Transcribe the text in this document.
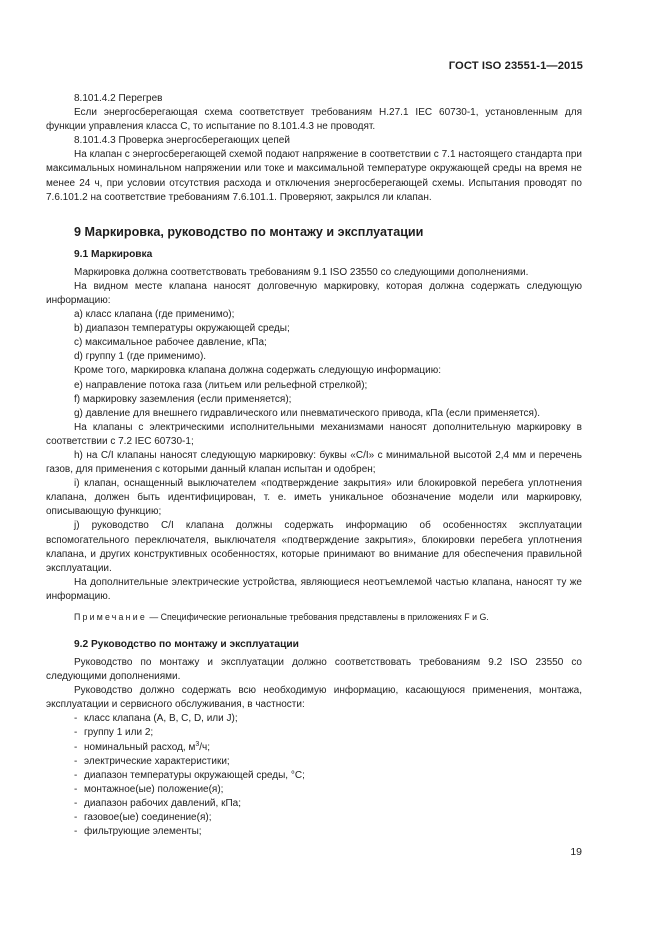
ГОСТ ISO 23551-1—2015

8.101.4.2 Перегрев

Если энергосберегающая схема соответствует требованиям H.27.1 IEC 60730-1, установленным для функции управления класса С, то испытание по 8.101.4.3 не проводят.

8.101.4.3 Проверка энергосберегающих цепей

На клапан с энергосберегающей схемой подают напряжение в соответствии с 7.1 настоящего стандарта при максимальных номинальном напряжении или токе и максимальной температуре окружающей среды на время не менее 24 ч, при условии отсутствия расхода и отключения энергосберегающей схемы. Испытания проводят по 7.6.101.2 на соответствие требованиям 7.6.101.1. Проверяют, закрылся ли клапан.

9 Маркировка, руководство по монтажу и эксплуатации
9.1 Маркировка

Маркировка должна соответствовать требованиям 9.1 ISO 23550 со следующими дополнениями.

На видном месте клапана наносят долговечную маркировку, которая должна содержать следующую информацию:

a) класс клапана (где применимо);

b) диапазон температуры окружающей среды;

c) максимальное рабочее давление, кПа;

d) группу 1 (где применимо).

Кроме того, маркировка клапана должна содержать следующую информацию:

e) направление потока газа (литьем или рельефной стрелкой);

f) маркировку заземления (если применяется);

g) давление для внешнего гидравлического или пневматического привода, кПа (если применяется).

На клапаны с электрическими исполнительными механизмами наносят дополнительную маркировку в соответствии с 7.2 IEC 60730-1;

h) на C/I клапаны наносят следующую маркировку: буквы «C/I» с минимальной высотой 2,4 мм и перечень газов, для применения с которыми данный клапан испытан и одобрен;

i) клапан, оснащенный выключателем «подтверждение закрытия» или блокировкой перебега уплотнения клапана, должен быть идентифицирован, т. е. иметь уникальное обозначение модели или маркировку, описывающую функцию;

j) руководство C/I клапана должны содержать информацию об особенностях эксплуатации вспомогательного переключателя, выключателя «подтверждение закрытия», блокировки перебега уплотнения клапана, и других конструктивных особенностях, которые принимают во внимание для обеспечения правильной эксплуатации.

На дополнительные электрические устройства, являющиеся неотъемлемой частью клапана, наносят ту же информацию.

Примечание — Специфические региональные требования представлены в приложениях F и G.

9.2 Руководство по монтажу и эксплуатации

Руководство по монтажу и эксплуатации должно соответствовать требованиям 9.2 ISO 23550 со следующими дополнениями.

Руководство должно содержать всю необходимую информацию, касающуюся применения, монтажа, эксплуатации и сервисного обслуживания, в частности:

- класс клапана (A, B, C, D, или J);

- группу 1 или 2;

- номинальный расход, $м^3/ч$;

- электрические характеристики;

- диапазон температуры окружающей среды, °С;

- монтажное(ые) положение(я);

- диапазон рабочих давлений, кПа;

- газовое(ые) соединение(я);

- фильтрующие элементы;

19
